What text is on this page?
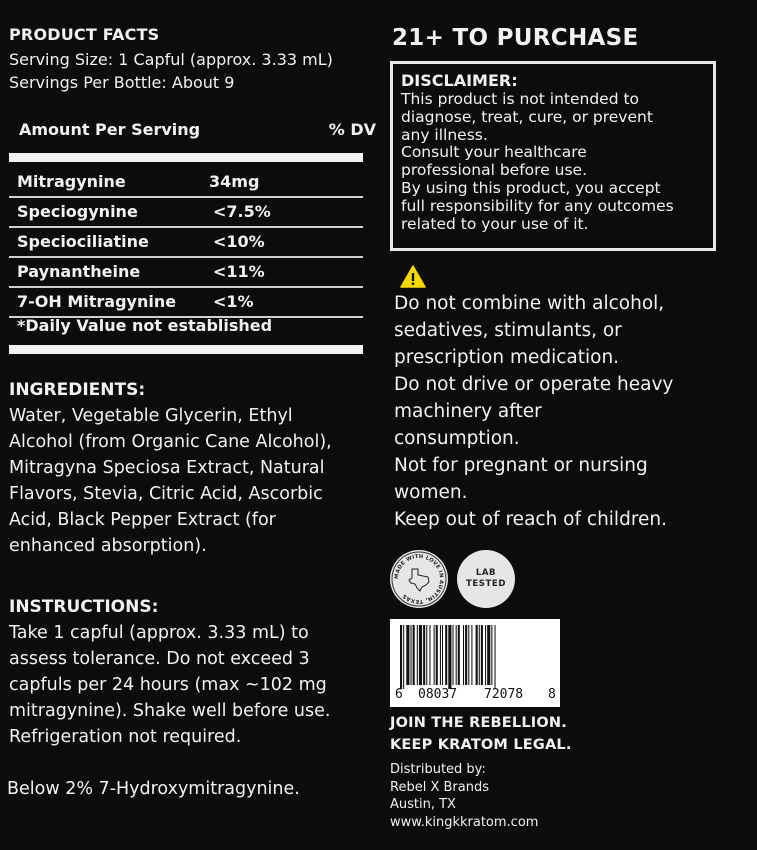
PRODUCT FACTS
Serving Size: 1 Capful (approx. 3.33 mL)
Servings Per Bottle: About 9
Amount Per Serving	% DV
Mitragynine	34mg
Speciogynine	<7.5%
Speciociliatine	<10%
Paynantheine	<11%
7-OH Mitragynine <1%
*Daily Value not established
INGREDIENTS:
Water, Vegetable Glycerin, Ethyl
Alcohol (from Organic Cane Alcohol),
Mitragyna Speciosa Extract, Natural
Flavors, Stevia, Citric Acid, Ascorbic
Acid, Black Pepper Extract (for
enhanced absorption).
INSTRUCTIONS:
Take 1 capful (approx. 3.33 mL) to
assess tolerance. Do not exceed 3
capfuls per 24 hours (max ~102 mg
mitragynine). Shake well before use.
Refrigeration not required.
Below 2% 7-Hydroxymitragynine.
21+ TO PURCHASE
DISCLAIMER:
This product is not intended to
diagnose, treat, cure, or prevent
any illness.
Consult your healthcare
professional before use.
By using this product, you accept
full responsibility for any outcomes
related to your use of it.
Do not combine with alcohol,
sedatives, stimulants, or
prescription medication.
Do not drive or operate heavy
machinery after
consumption.
Not for pregnant or nursing
women.
Keep out of reach of children.
MADE WITH LOVE IN AUSTIN, TEXAS
LAB
TESTED
6 08037 72078 8
JOIN THE REBELLION.
KEEP KRATOM LEGAL.
Distributed by:
Rebel X Brands
Austin, TX
www.kingkkratom.com
